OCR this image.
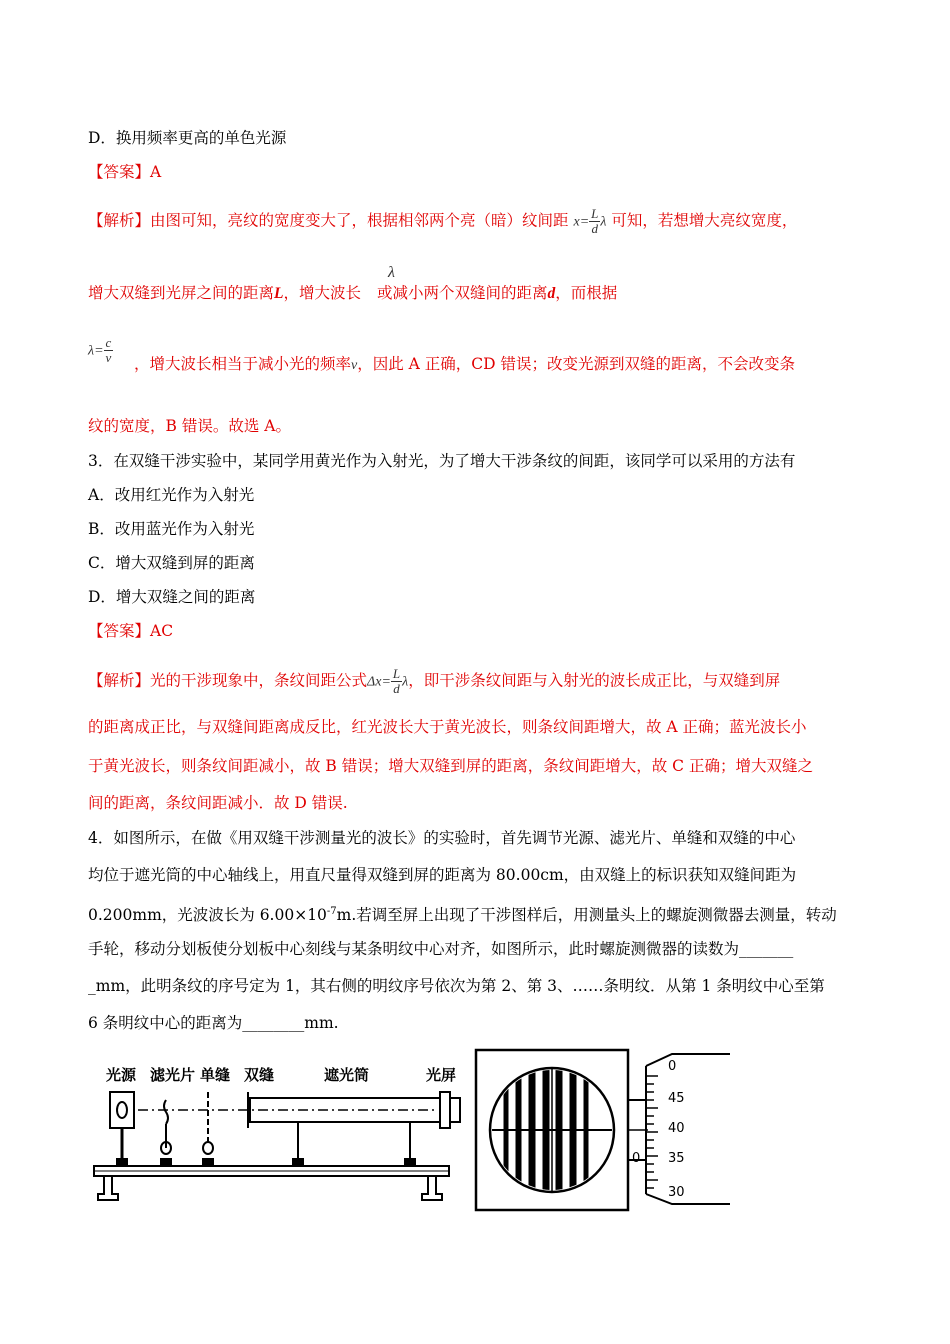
D．换用频率更高的单色光源
【答案】A
【解析】由图可知，亮纹的宽度变大了，根据相邻两个亮（暗）纹间距 $x= \frac{L}{d}$ λ 可知，若想增大亮纹宽度，
增大双缝到光屏之间的距离L，增大波长 或减小两个双缝间的距离d，而根据
λ
$\lambda= \frac{c}{\nu}$ ，增大波长相当于减小光的频率ν，因此 A 正确，CD 错误；改变光源到双缝的距离，不会改变条
纹的宽度，B 错误。故选 A。
3．在双缝干涉实验中，某同学用黄光作为入射光，为了增大干涉条纹的间距，该同学可以采用的方法有
A．改用红光作为入射光
B．改用蓝光作为入射光
C．增大双缝到屏的距离
D．增大双缝之间的距离
【答案】AC
【解析】光的干涉现象中，条纹间距公式$\Delta x= \frac{L}{d}$ λ，即干涉条纹间距与入射光的波长成正比，与双缝到屏
的距离成正比，与双缝间距离成反比，红光波长大于黄光波长，则条纹间距增大，故 A 正确；蓝光波长小
于黄光波长，则条纹间距减小，故 B 错误；增大双缝到屏的距离，条纹间距增大，故 C 正确；增大双缝之
间的距离，条纹间距减小．故 D 错误.
4．如图所示，在做《用双缝干涉测量光的波长》的实验时，首先调节光源、滤光片、单缝和双缝的中心
均位于遮光筒的中心轴线上，用直尺量得双缝到屏的距离为 80.00cm，由双缝上的标识获知双缝间距为
0.200mm，光波波长为 $6.00\times 10^{-7}m$.若调至屏上出现了干涉图样后，用测量头上的螺旋测微器去测量，转动
手轮，移动分划板使分划板中心刻线与某条明纹中心对齐，如图所示，此时螺旋测微器的读数为_______
_mm，此明条纹的序号定为 1，其右侧的明纹序号依次为第 2、第 3、……条明纹．从第 1 条明纹中心至第
6 条明纹中心的距离为________mm.
光源 滤光片 单缝 双缝	遮光筒	光屏
0
0
45
40
35
30
